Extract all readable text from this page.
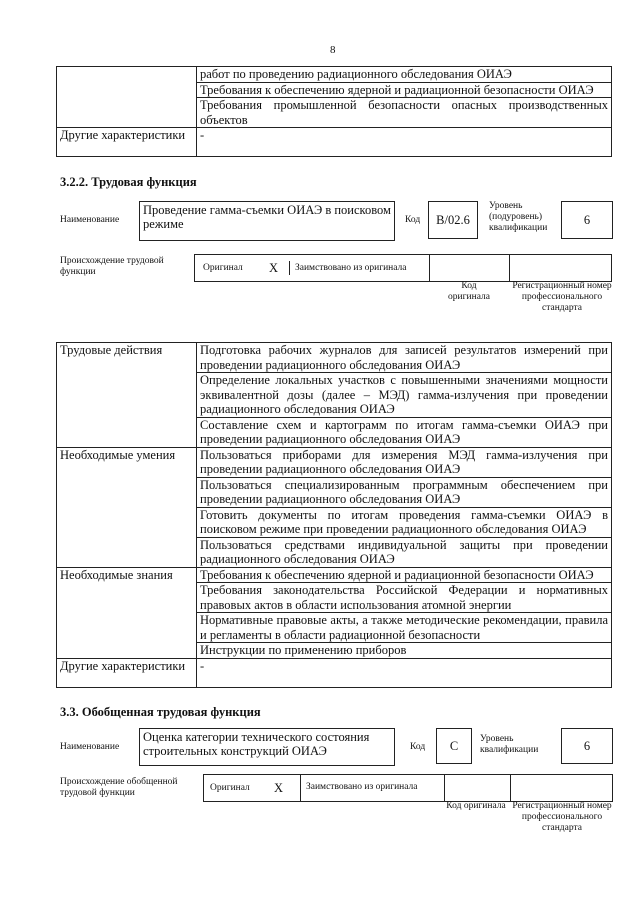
8
	работ по проведению радиационного обследования ОИАЭ
	Требования к обеспечению ядерной и радиационной безопасности ОИАЭ
	Требования промышленной безопасности опасных производственных объектов
Другие характеристики	-
3.2.2. Трудовая функция
Наименование
Проведение гамма-съемки ОИАЭ в поисковом режиме	Код	B/02.6
Уровень (подуровень) квалификации
6
Происхождение трудовой функции	Оригинал X Заимствовано из оригинала
Код оригинала
Регистрационный номер профессионального стандарта
Трудовые действия	Подготовка рабочих журналов для записей результатов измерений при проведении радиационного обследования ОИАЭ
	Определение локальных участков с повышенными значениями мощности эквивалентной дозы (далее – МЭД) гамма-излучения при проведении радиационного обследования ОИАЭ
	Составление схем и картограмм по итогам гамма-съемки ОИАЭ при проведении радиационного обследования ОИАЭ
Необходимые умения	Пользоваться приборами для измерения МЭД гамма-излучения при проведении радиационного обследования ОИАЭ
	Пользоваться специализированным программным обеспечением при проведении радиационного обследования ОИАЭ
	Готовить документы по итогам проведения гамма-съемки ОИАЭ в поисковом режиме при проведении радиационного обследования ОИАЭ
	Пользоваться средствами индивидуальной защиты при проведении радиационного обследования ОИАЭ
Необходимые знания	Требования к обеспечению ядерной и радиационной безопасности ОИАЭ
	Требования законодательства Российской Федерации и нормативных правовых актов в области использования атомной энергии
	Нормативные правовые акты, а также методические рекомендации, правила и регламенты в области радиационной безопасности
	Инструкции по применению приборов
Другие характеристики	-
3.3. Обобщенная трудовая функция
Наименование
Оценка категории технического состояния строительных конструкций ОИАЭ	Код	C	Уровень квалификации	6
Происхождение обобщенной трудовой функции	Оригинал X Заимствовано из оригинала
Код оригинала Регистрационный номер профессионального стандарта
